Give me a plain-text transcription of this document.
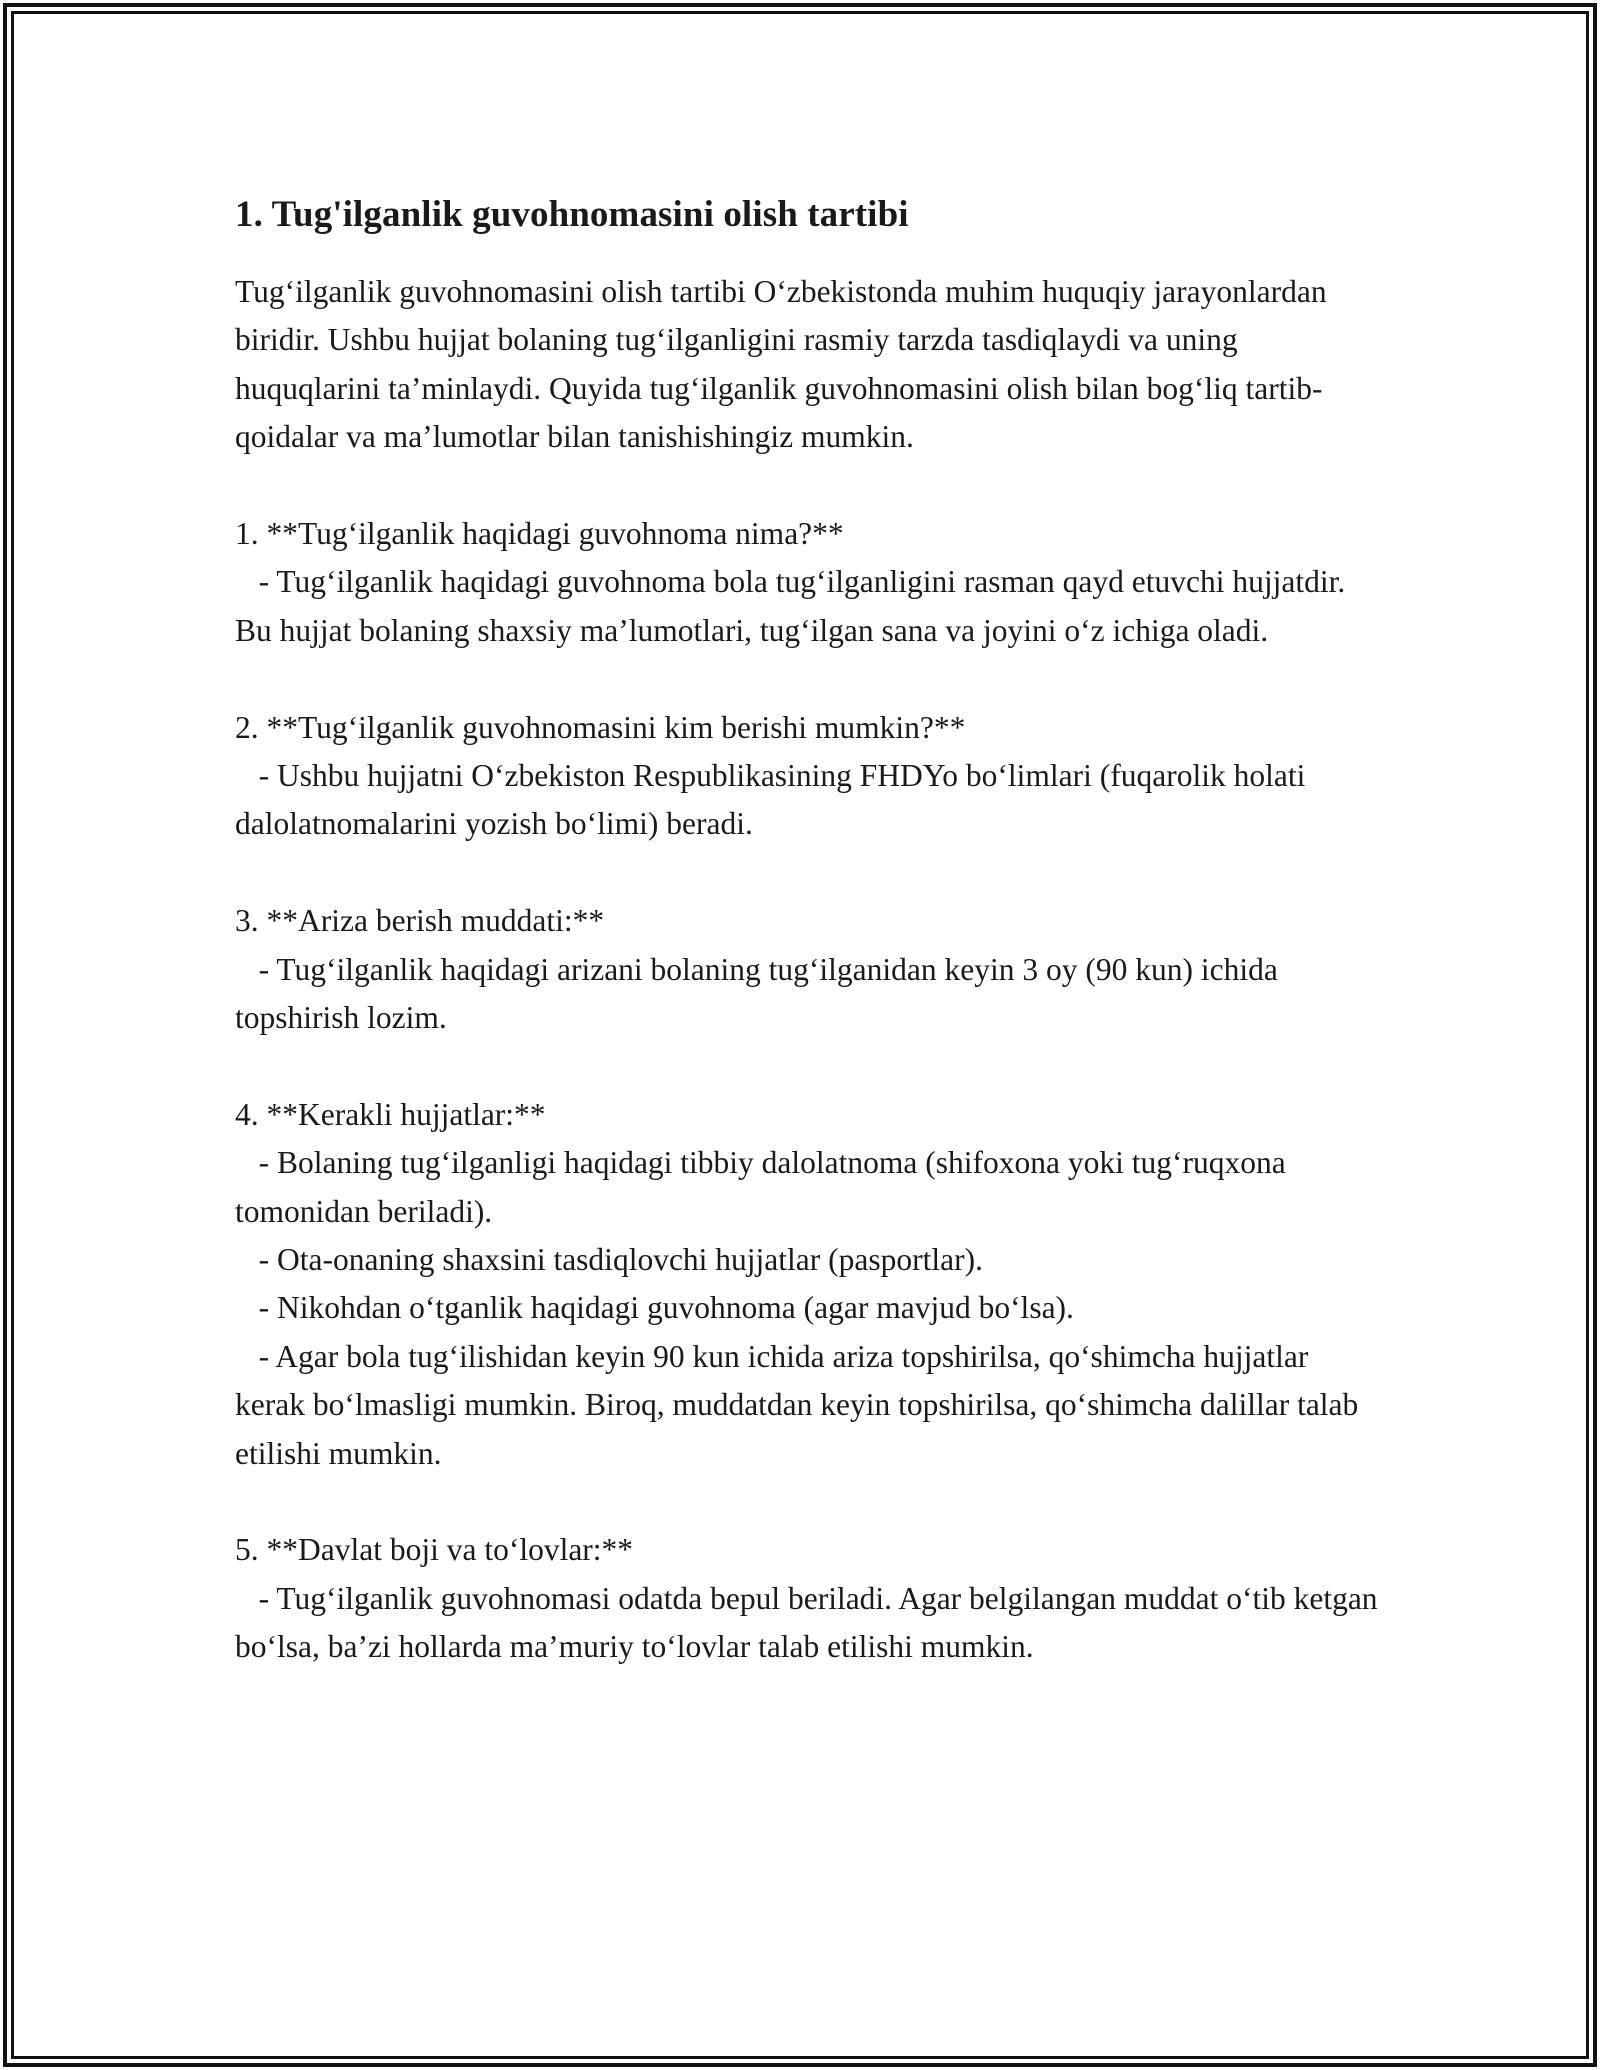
1. Tug'ilganlik guvohnomasini olish tartibi

Tug‘ilganlik guvohnomasini olish tartibi O‘zbekistonda muhim huquqiy jarayonlardan biridir. Ushbu hujjat bolaning tug‘ilganligini rasmiy tarzda tasdiqlaydi va uning huquqlarini ta’minlaydi. Quyida tug‘ilganlik guvohnomasini olish bilan bog‘liq tartib-qoidalar va ma’lumotlar bilan tanishishingiz mumkin.

1. **Tug‘ilganlik haqidagi guvohnoma nima?**

- Tug‘ilganlik haqidagi guvohnoma bola tug‘ilganligini rasman qayd etuvchi hujjatdir. Bu hujjat bolaning shaxsiy ma’lumotlari, tug‘ilgan sana va joyini o‘z ichiga oladi.

2. **Tug‘ilganlik guvohnomasini kim berishi mumkin?**

- Ushbu hujjatni O‘zbekiston Respublikasining FHDYo bo‘limlari (fuqarolik holati dalolatnomalarini yozish bo‘limi) beradi.

3. **Ariza berish muddati:**

- Tug‘ilganlik haqidagi arizani bolaning tug‘ilganidan keyin 3 oy (90 kun) ichida topshirish lozim.

4. **Kerakli hujjatlar:**

- Bolaning tug‘ilganligi haqidagi tibbiy dalolatnoma (shifoxona yoki tug‘ruqxona tomonidan beriladi).

- Ota-onaning shaxsini tasdiqlovchi hujjatlar (pasportlar).

- Nikohdan o‘tganlik haqidagi guvohnoma (agar mavjud bo‘lsa).

- Agar bola tug‘ilishidan keyin 90 kun ichida ariza topshirilsa, qo‘shimcha hujjatlar kerak bo‘lmasligi mumkin. Biroq, muddatdan keyin topshirilsa, qo‘shimcha dalillar talab etilishi mumkin.

5. **Davlat boji va to‘lovlar:**

- Tug‘ilganlik guvohnomasi odatda bepul beriladi. Agar belgilangan muddat o‘tib ketgan bo‘lsa, ba’zi hollarda ma’muriy to‘lovlar talab etilishi mumkin.
